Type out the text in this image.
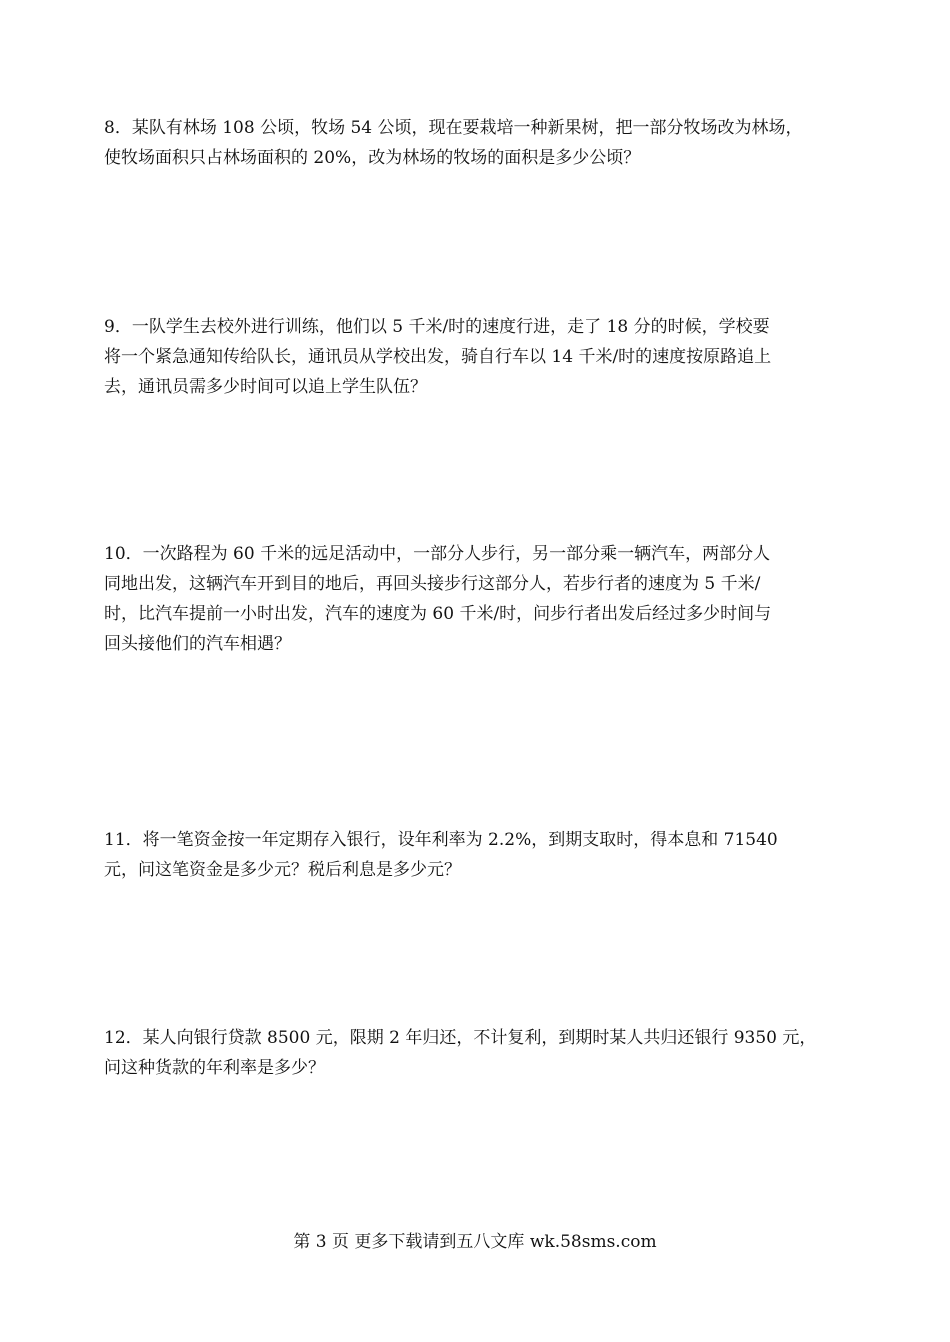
8．某队有林场 108 公顷，牧场 54 公顷，现在要栽培一种新果树，把一部分牧场改为林场，
使牧场面积只占林场面积的 20%，改为林场的牧场的面积是多少公顷？
9．一队学生去校外进行训练，他们以 5 千米/时的速度行进，走了 18 分的时候，学校要
将一个紧急通知传给队长，通讯员从学校出发，骑自行车以 14 千米/时的速度按原路追上
去，通讯员需多少时间可以追上学生队伍？
10．一次路程为 60 千米的远足活动中，一部分人步行，另一部分乘一辆汽车，两部分人
同地出发，这辆汽车开到目的地后，再回头接步行这部分人，若步行者的速度为 5 千米/
时，比汽车提前一小时出发，汽车的速度为 60 千米/时，问步行者出发后经过多少时间与
回头接他们的汽车相遇？
11．将一笔资金按一年定期存入银行，设年利率为 2.2%，到期支取时，得本息和 71540
元，问这笔资金是多少元？税后利息是多少元？
12．某人向银行贷款 8500 元，限期 2 年归还，不计复利，到期时某人共归还银行 9350 元，
问这种货款的年利率是多少？
第 3 页 更多下载请到五八文库 wk.58sms.com
